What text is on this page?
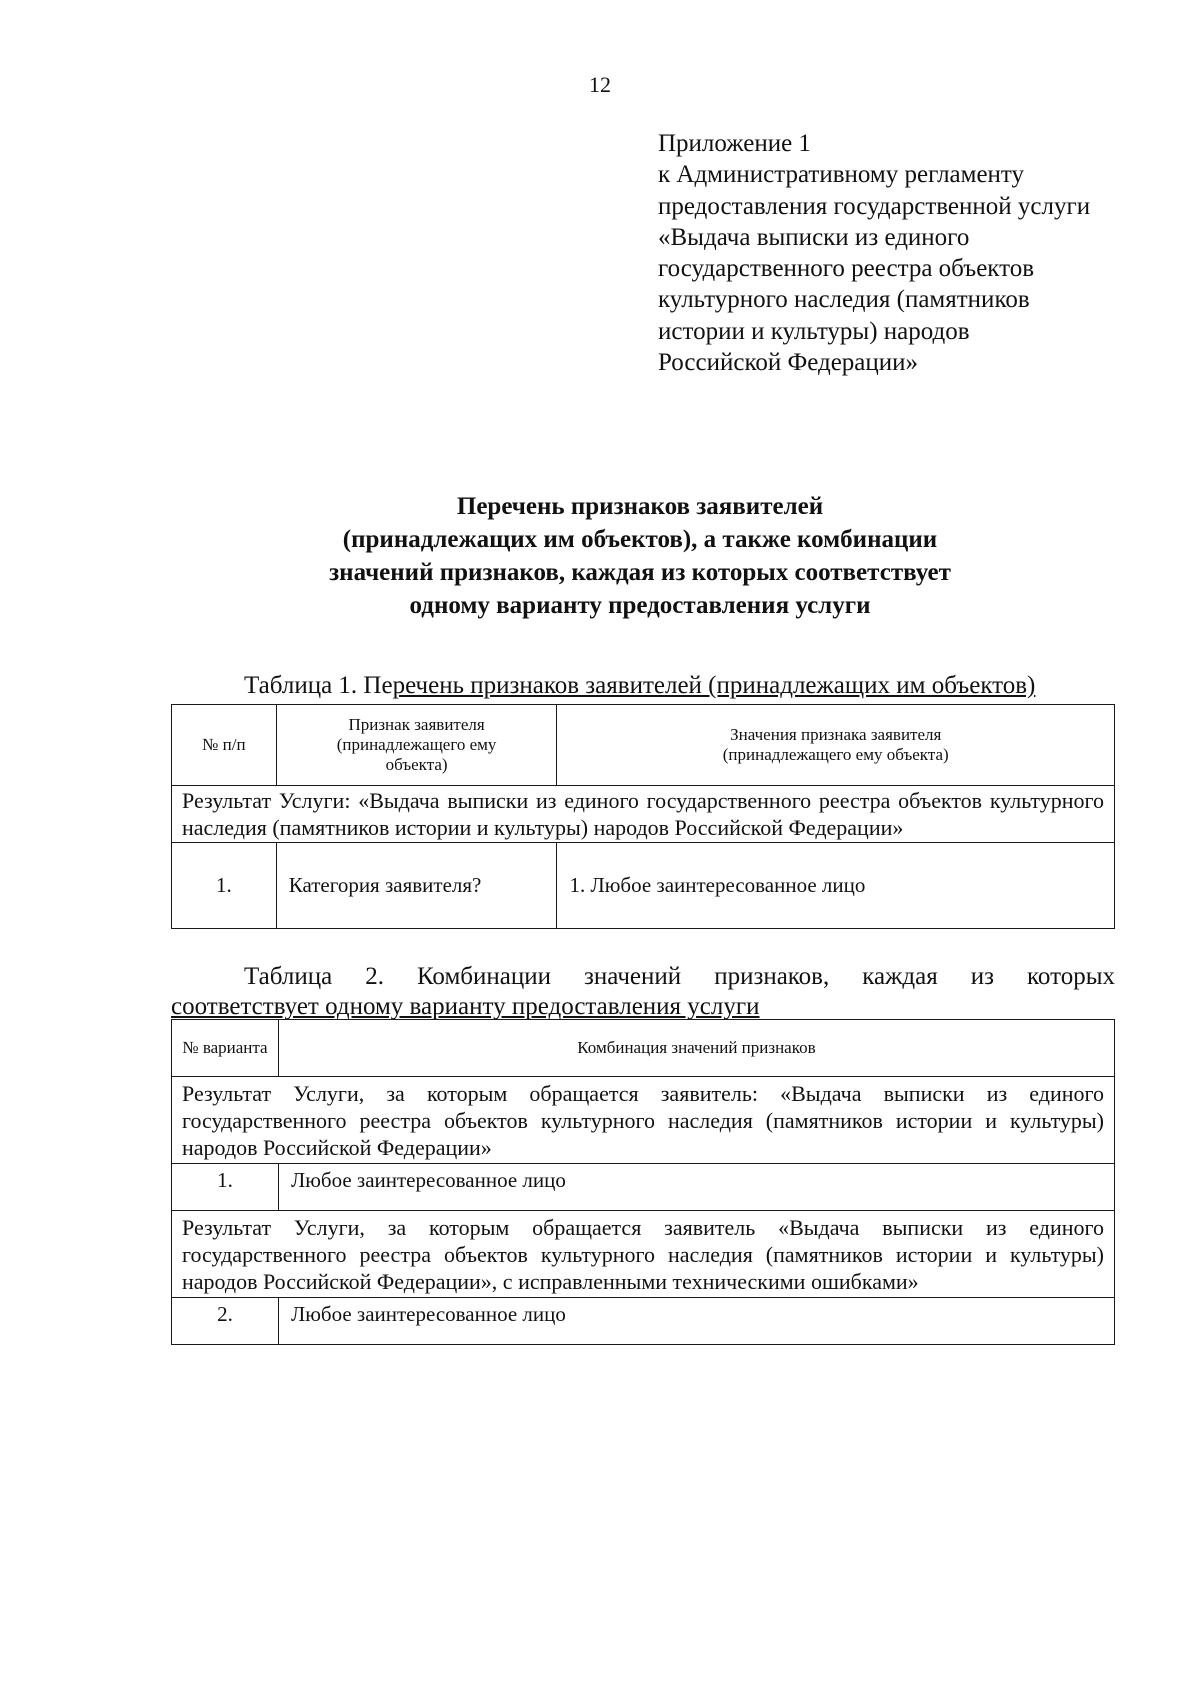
12
Приложение 1
к Административному регламенту
предоставления государственной услуги
«Выдача выписки из единого
государственного реестра объектов
культурного наследия (памятников
истории и культуры) народов
Российской Федерации»
Перечень признаков заявителей
(принадлежащих им объектов), а также комбинации
значений признаков, каждая из которых соответствует
одному варианту предоставления услуги
Таблица 1. Перечень признаков заявителей (принадлежащих им объектов)
№ п/п	Признак заявителя (принадлежащего ему объекта)	Значения признака заявителя (принадлежащего ему объекта)
Результат Услуги: «Выдача выписки из единого государственного реестра объектов культурного наследия (памятников истории и культуры) народов Российской Федерации»		
1.	Категория заявителя?	1. Любое заинтересованное лицо
Таблица 2. Комбинации значений признаков, каждая из которых
соответствует одному варианту предоставления услуги
№ варианта	Комбинация значений признаков
Результат Услуги, за которым обращается заявитель: «Выдача выписки из единого государственного реестра объектов культурного наследия (памятников истории и культуры) народов Российской Федерации»	
1.	Любое заинтересованное лицо
Результат Услуги, за которым обращается заявитель «Выдача выписки из единого государственного реестра объектов культурного наследия (памятников истории и культуры) народов Российской Федерации», с исправленными техническими ошибками»	
2.	Любое заинтересованное лицо
